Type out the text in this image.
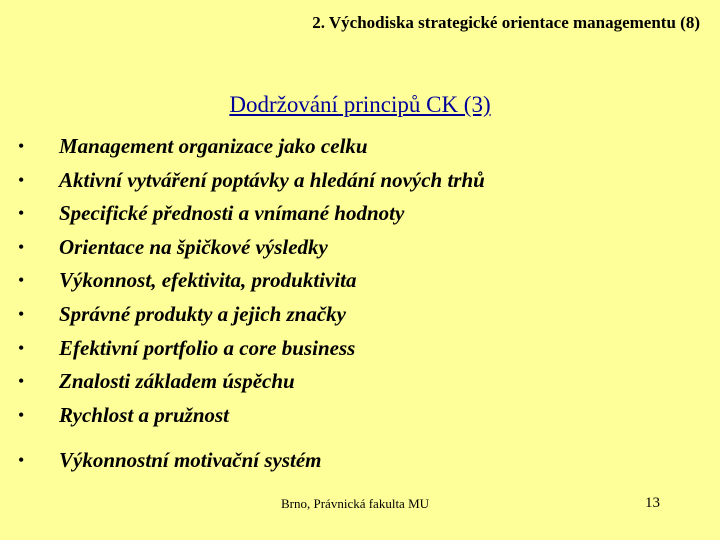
2. Východiska strategické orientace managementu (8)
Dodržování principů CK (3)
• Management organizace jako celku
• Aktivní vytváření poptávky a hledání nových trhů
• Specifické přednosti a vnímané hodnoty
• Orientace na špičkové výsledky
• Výkonnost, efektivita, produktivita
• Správné produkty a jejich značky
• Efektivní portfolio a core business
• Znalosti základem úspěchu
• Rychlost a pružnost
• Výkonnostní motivační systém
Brno, Právnická fakulta MU	13
